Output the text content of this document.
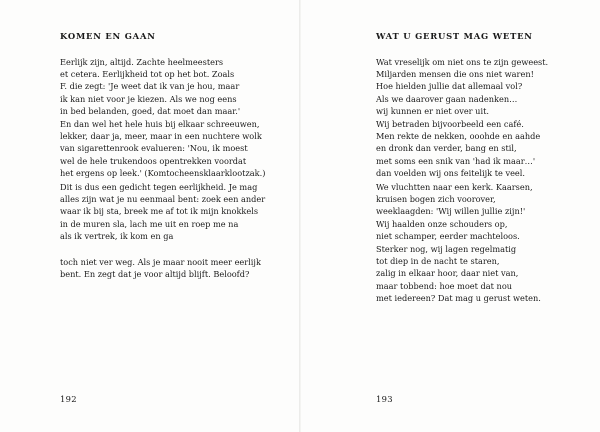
KOMEN EN GAAN
Eerlijk zijn, altijd. Zachte heelmeesters
et cetera. Eerlijkheid tot op het bot. Zoals
F. die zegt: 'Je weet dat ik van je hou, maar
ik kan niet voor je kiezen. Als we nog eens
in bed belanden, goed, dat moet dan maar.'
En dan wel het hele huis bij elkaar schreeuwen,
lekker, daar ja, meer, maar in een nuchtere wolk
van sigarettenrook evalueren: 'Nou, ik moest
wel de hele trukendoos opentrekken voordat
het ergens op leek.' (Komtocheensklaarklootzak.)
Dit is dus een gedicht tegen eerlijkheid. Je mag
alles zijn wat je nu eenmaal bent: zoek een ander
waar ik bij sta, breek me af tot ik mijn knokkels
in de muren sla, lach me uit en roep me na
als ik vertrek, ik kom en ga
toch niet ver weg. Als je maar nooit meer eerlijk
bent. En zegt dat je voor altijd blijft. Beloofd?
192
WAT U GERUST MAG WETEN
Wat vreselijk om niet ons te zijn geweest.
Miljarden mensen die ons niet waren!
Hoe hielden jullie dat allemaal vol?
Als we daarover gaan nadenken…
wij kunnen er niet over uit.
Wij betraden bijvoorbeeld een café.
Men rekte de nekken, ooohde en aahde
en dronk dan verder, bang en stil,
met soms een snik van 'had ik maar…'
dan voelden wij ons feitelijk te veel.
We vluchtten naar een kerk. Kaarsen,
kruisen bogen zich voorover,
weeklaagden: 'Wij willen jullie zijn!'
Wij haalden onze schouders op,
niet schamper, eerder machteloos.
Sterker nog, wij lagen regelmatig
tot diep in de nacht te staren,
zalig in elkaar hoor, daar niet van,
maar tobbend: hoe moet dat nou
met iedereen? Dat mag u gerust weten.
193
